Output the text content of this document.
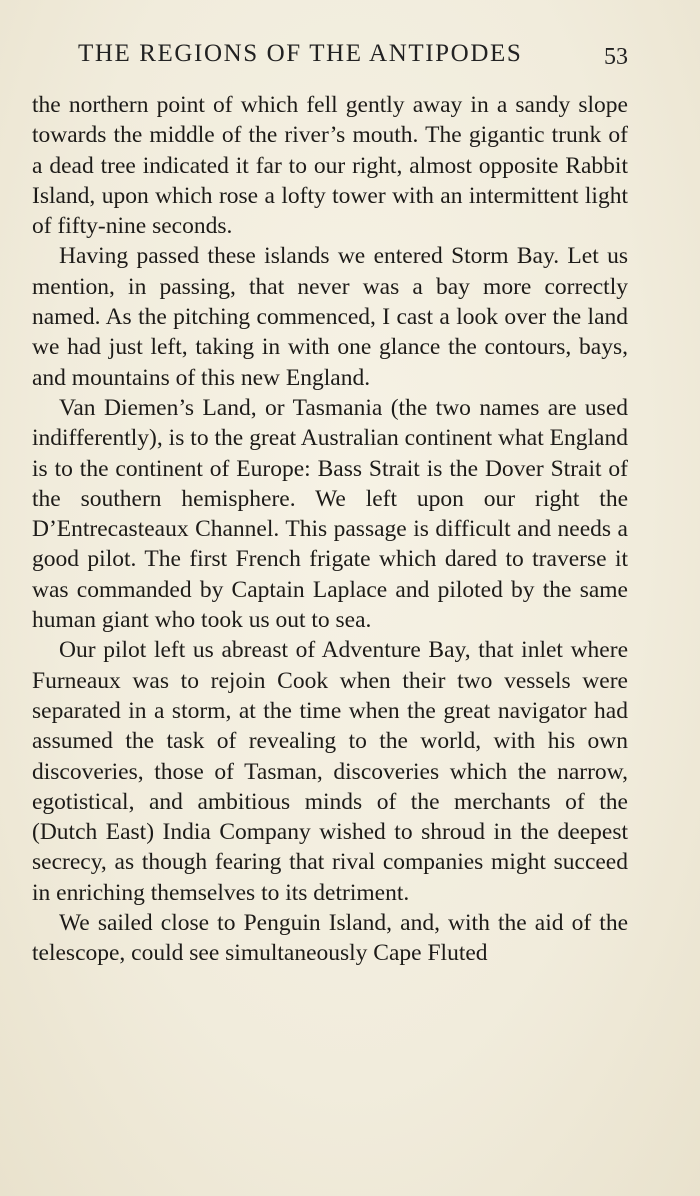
THE REGIONS OF THE ANTIPODES	53

the northern point of which fell gently away in a sandy slope towards the middle of the river’s mouth. The gigantic trunk of a dead tree indicated it far to our right, almost opposite Rabbit Island, upon which rose a lofty tower with an intermittent light of fifty-nine seconds.

Having passed these islands we entered Storm Bay. Let us mention, in passing, that never was a bay more correctly named. As the pitching commenced, I cast a look over the land we had just left, taking in with one glance the contours, bays, and mountains of this new England.

Van Diemen’s Land, or Tasmania (the two names are used indifferently), is to the great Australian continent what England is to the continent of Europe: Bass Strait is the Dover Strait of the southern hemisphere. We left upon our right the D’Entrecasteaux Channel. This passage is difficult and needs a good pilot. The first French frigate which dared to traverse it was commanded by Captain Laplace and piloted by the same human giant who took us out to sea.

Our pilot left us abreast of Adventure Bay, that inlet where Furneaux was to rejoin Cook when their two vessels were separated in a storm, at the time when the great navigator had assumed the task of revealing to the world, with his own discoveries, those of Tasman, discoveries which the narrow, egotistical, and ambitious minds of the merchants of the (Dutch East) India Company wished to shroud in the deepest secrecy, as though fearing that rival companies might succeed in enriching themselves to its detriment.

We sailed close to Penguin Island, and, with the aid of the telescope, could see simultaneously Cape Fluted
